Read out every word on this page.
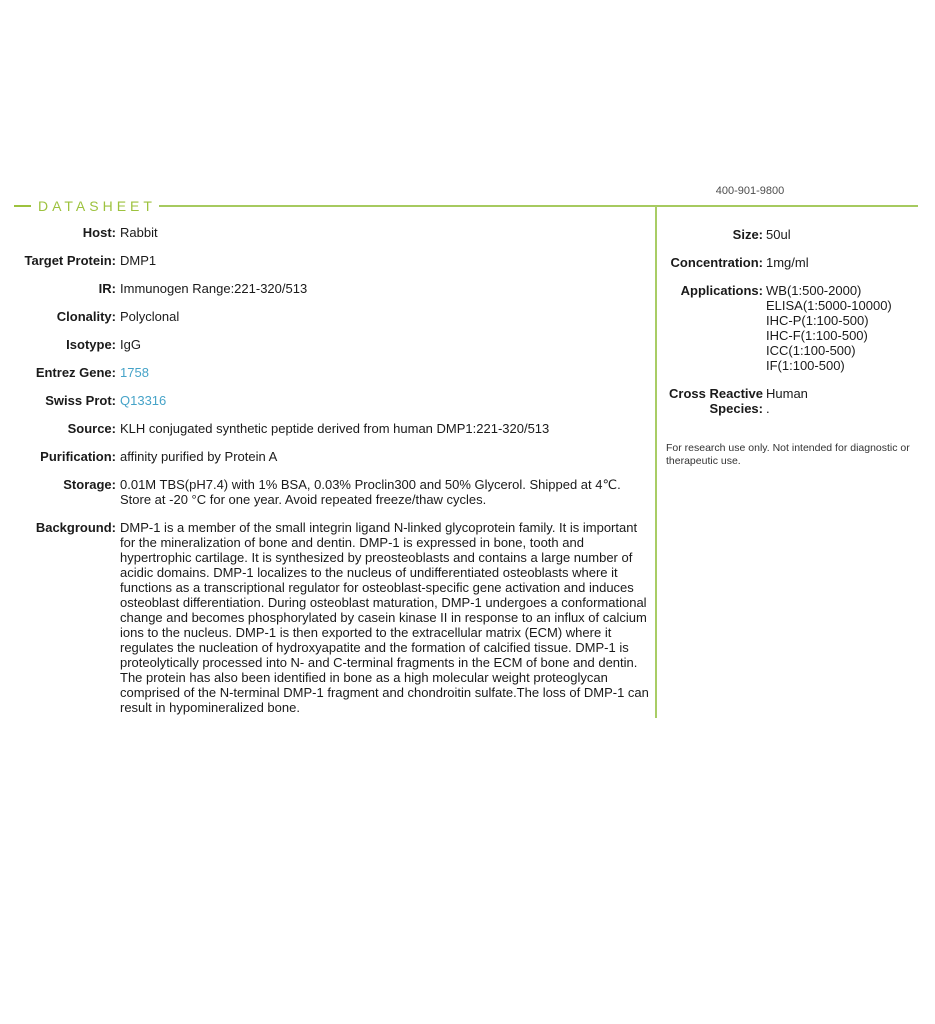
400-901-9800
DATASHEET
Host: Rabbit
Target Protein: DMP1
IR: Immunogen Range:221-320/513
Clonality: Polyclonal
Isotype: IgG
Entrez Gene: 1758
Swiss Prot: Q13316
Source: KLH conjugated synthetic peptide derived from human DMP1:221-320/513
Purification: affinity purified by Protein A
Storage: 0.01M TBS(pH7.4) with 1% BSA, 0.03% Proclin300 and 50% Glycerol. Shipped at 4℃.
Store at -20 °C for one year. Avoid repeated freeze/thaw cycles.
Background: DMP-1 is a member of the small integrin ligand N-linked glycoprotein family. It is important for the mineralization of bone and dentin. DMP-1 is expressed in bone, tooth and hypertrophic cartilage. It is synthesized by preosteoblasts and contains a large number of acidic domains. DMP-1 localizes to the nucleus of undifferentiated osteoblasts where it functions as a transcriptional regulator for osteoblast-specific gene activation and induces osteoblast differentiation. During osteoblast maturation, DMP-1 undergoes a conformational change and becomes phosphorylated by casein kinase II in response to an influx of calcium ions to the nucleus. DMP-1 is then exported to the extracellular matrix (ECM) where it regulates the nucleation of hydroxyapatite and the formation of calcified tissue. DMP-1 is proteolytically processed into N- and C-terminal fragments in the ECM of bone and dentin. The protein has also been identified in bone as a high molecular weight proteoglycan comprised of the N-terminal DMP-1 fragment and chondroitin sulfate.The loss of DMP-1 can result in hypomineralized bone.
Size: 50ul
Concentration: 1mg/ml
Applications: WB(1:500-2000)
ELISA(1:5000-10000)
IHC-P(1:100-500)
IHC-F(1:100-500)
ICC(1:100-500)
IF(1:100-500)
Cross Reactive Species:
Human
.
For research use only. Not intended for diagnostic or therapeutic use.
